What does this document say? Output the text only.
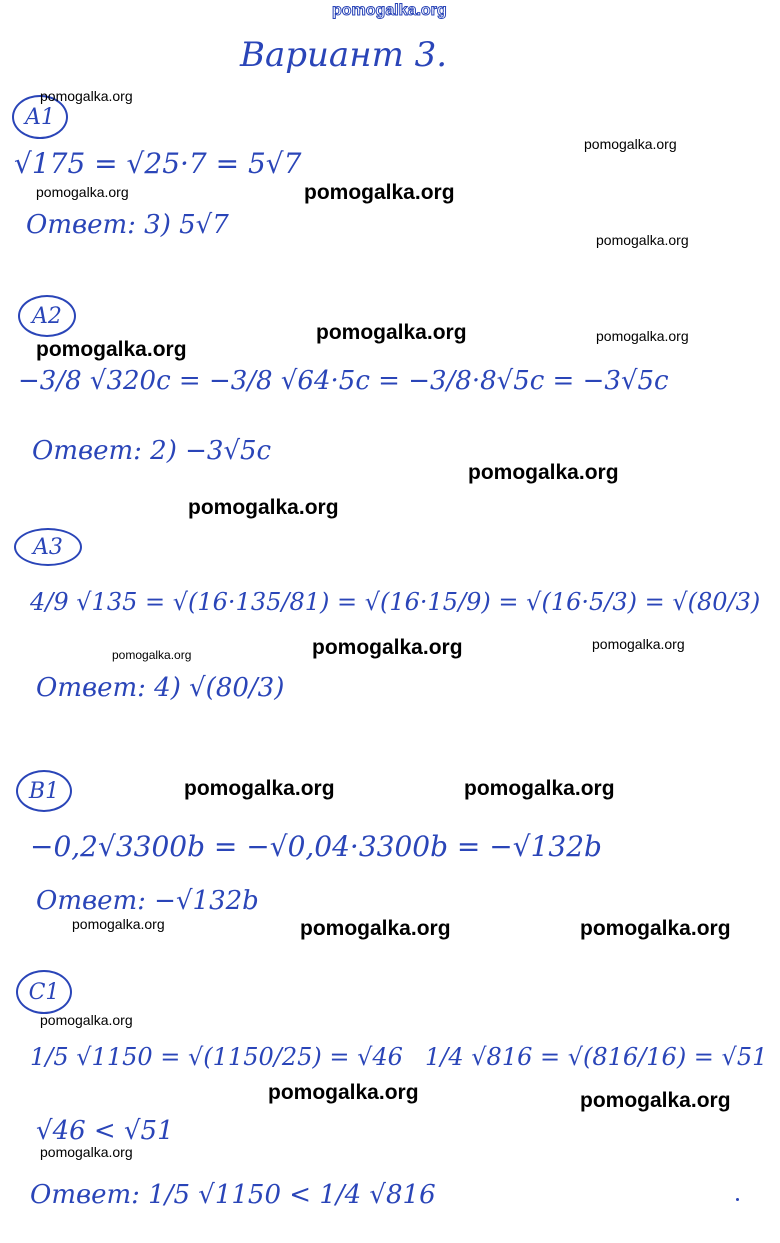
pomogalka.org
Вариант 3.
A1
√175 = √25·7 = 5√7
Ответ: 3) 5√7
A2
−3/8 √320c = −3/8 √64·5c = −3/8·8√5c = −3√5c
Ответ: 2) −3√5c
A3
4/9 √135 = √(16·135/81) = √(16·15/9) = √(16·5/3) = √(80/3)
Ответ: 4) √(80/3)
B1
−0,2√3300b = −√0,04·3300b = −√132b
Ответ: −√132b
C1
1/5 √1150 = √(1150/25) = √46 1/4 √816 = √(816/16) = √51
√46 < √51
Ответ: 1/5 √1150 < 1/4 √816
pomogalka.org
pomogalka.org
pomogalka.org	pomogalka.org
pomogalka.org
pomogalka.org	pomogalka.org
pomogalka.org
pomogalka.org
pomogalka.org
pomogalka.org	pomogalka.org
pomogalka.org
pomogalka.org	pomogalka.org
pomogalka.org	pomogalka.org	pomogalka.org
pomogalka.org
pomogalka.org	pomogalka.org
pomogalka.org
